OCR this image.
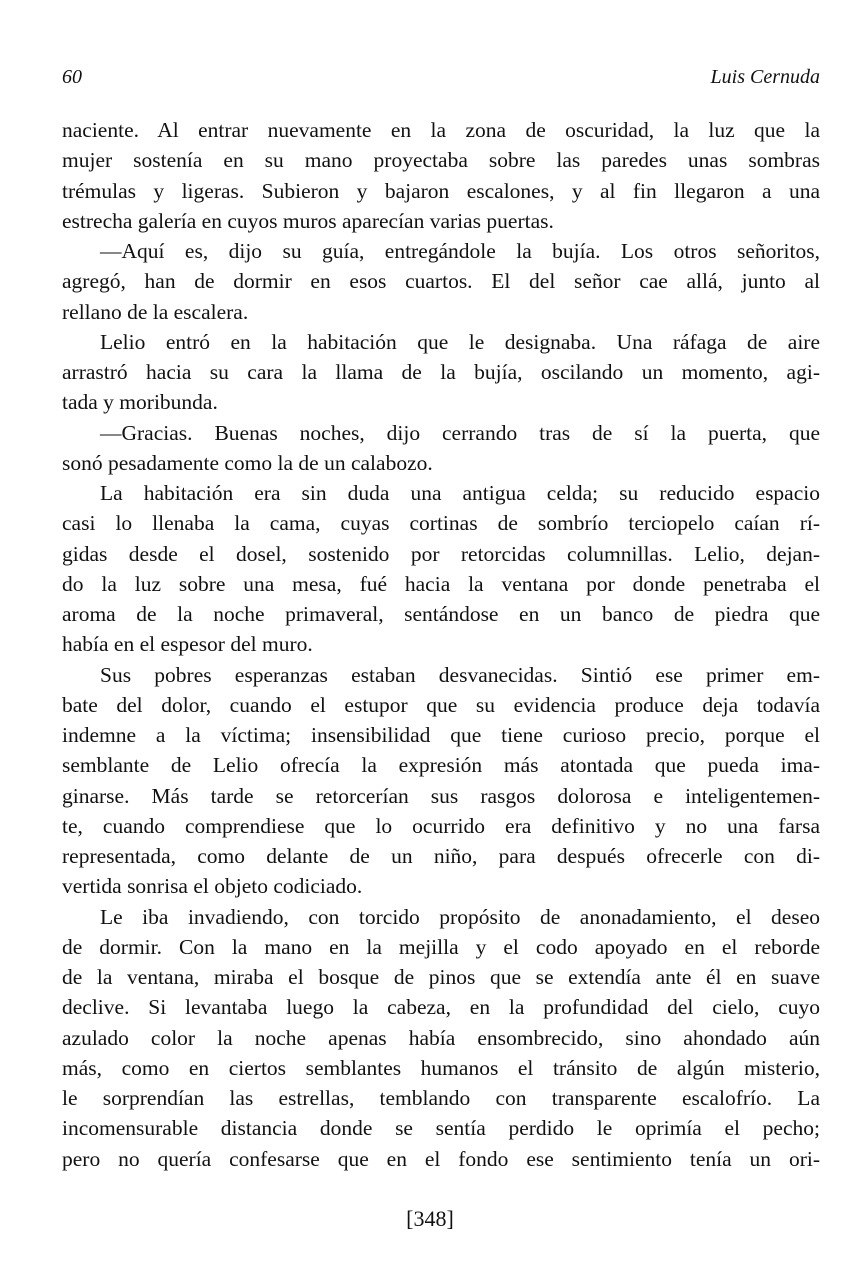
60	Luis Cernuda
naciente. Al entrar nuevamente en la zona de oscuridad, la luz que la
mujer sostenía en su mano proyectaba sobre las paredes unas sombras
trémulas y ligeras. Subieron y bajaron escalones, y al fin llegaron a una
estrecha galería en cuyos muros aparecían varias puertas.
—Aquí es, dijo su guía, entregándole la bujía. Los otros señoritos,
agregó, han de dormir en esos cuartos. El del señor cae allá, junto al
rellano de la escalera.
Lelio entró en la habitación que le designaba. Una ráfaga de aire
arrastró hacia su cara la llama de la bujía, oscilando un momento, agi-
tada y moribunda.
—Gracias. Buenas noches, dijo cerrando tras de sí la puerta, que
sonó pesadamente como la de un calabozo.
La habitación era sin duda una antigua celda; su reducido espacio
casi lo llenaba la cama, cuyas cortinas de sombrío terciopelo caían rí-
gidas desde el dosel, sostenido por retorcidas columnillas. Lelio, dejan-
do la luz sobre una mesa, fué hacia la ventana por donde penetraba el
aroma de la noche primaveral, sentándose en un banco de piedra que
había en el espesor del muro.
Sus pobres esperanzas estaban desvanecidas. Sintió ese primer em-
bate del dolor, cuando el estupor que su evidencia produce deja todavía
indemne a la víctima; insensibilidad que tiene curioso precio, porque el
semblante de Lelio ofrecía la expresión más atontada que pueda ima-
ginarse. Más tarde se retorcerían sus rasgos dolorosa e inteligentemen-
te, cuando comprendiese que lo ocurrido era definitivo y no una farsa
representada, como delante de un niño, para después ofrecerle con di-
vertida sonrisa el objeto codiciado.
Le iba invadiendo, con torcido propósito de anonadamiento, el deseo
de dormir. Con la mano en la mejilla y el codo apoyado en el reborde
de la ventana, miraba el bosque de pinos que se extendía ante él en suave
declive. Si levantaba luego la cabeza, en la profundidad del cielo, cuyo
azulado color la noche apenas había ensombrecido, sino ahondado aún
más, como en ciertos semblantes humanos el tránsito de algún misterio,
le sorprendían las estrellas, temblando con transparente escalofrío. La
incomensurable distancia donde se sentía perdido le oprimía el pecho;
pero no quería confesarse que en el fondo ese sentimiento tenía un ori-
[348]
